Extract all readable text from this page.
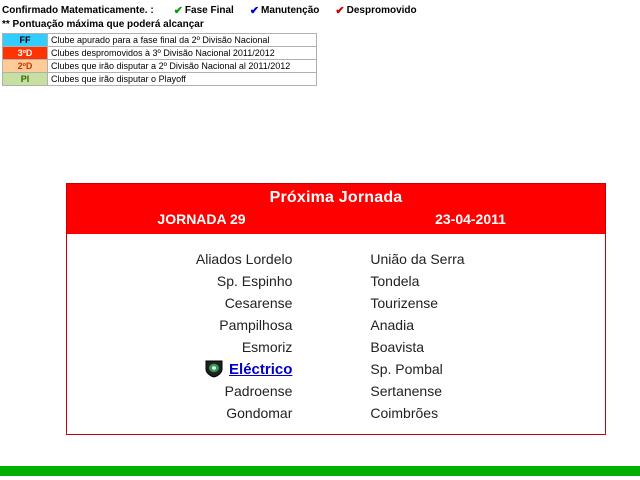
Confirmado Matematicamente. : ✔ Fase Final ✔ Manutenção ✔ Despromovido
** Pontuação máxima que poderá alcançar
FF	Clube apurado para a fase final da 2º Divisão Nacional
3ºD	Clubes despromovidos à 3º Divisão Nacional 2011/2012
2ºD	Clubes que irão disputar a 2º Divisão Nacional al 2011/2012
Pl	Clubes que irão disputar o Playoff
Próxima Jornada
JORNADA 29	23-04-2011
Aliados Lordelo	União da Serra
Sp. Espinho	Tondela
Cesarense	Tourizense
Pampilhosa	Anadia
Esmoriz	Boavista
Eléctrico	Sp. Pombal
Padroense	Sertanense
Gondomar	Coimbrões
